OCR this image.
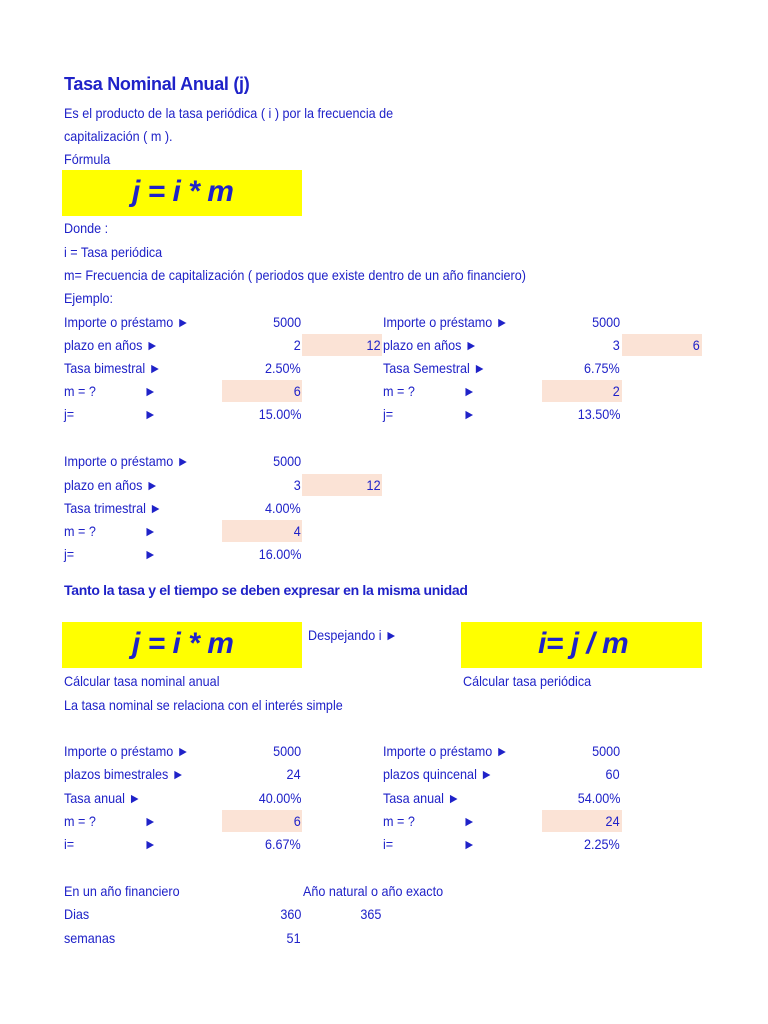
Tasa Nominal Anual (j)
Es el producto de la tasa periódica ( i ) por la frecuencia de
capitalización ( m ).
Fórmula
j = i * m
Donde :
i = Tasa periódica
m= Frecuencia de capitalización ( periodos que existe dentro de un año financiero)
Ejemplo:
Importe o préstamo ►	5000
plazo en años ►	2	12
Tasa bimestral ►	2.50%
m = ?	►	6
j=	►	15.00%
Importe o préstamo ►	5000
plazo en años ►	3	6
Tasa Semestral ►	6.75%
m = ?	►	2
j=	►	13.50%
Importe o préstamo ►	5000
plazo en años ►	3	12
Tasa trimestral ►	4.00%
m = ?	►	4
j=	►	16.00%
Tanto la tasa y el tiempo se deben expresar en la misma unidad
j = i * m	Despejando i ►	i= j / m
Cálcular tasa nominal anual	Cálcular tasa periódica
La tasa nominal se relaciona con el interés simple
Importe o préstamo ►	5000
plazos bimestrales ►	24
Tasa anual ►	40.00%
m = ?	►	6
i=	►	6.67%
Importe o préstamo ►	5000
plazos quincenal ►	60
Tasa anual ►	54.00%
m = ?	►	24
i=	►	2.25%
En un año financiero	Año natural o año exacto
Dias	360	365
semanas	51
